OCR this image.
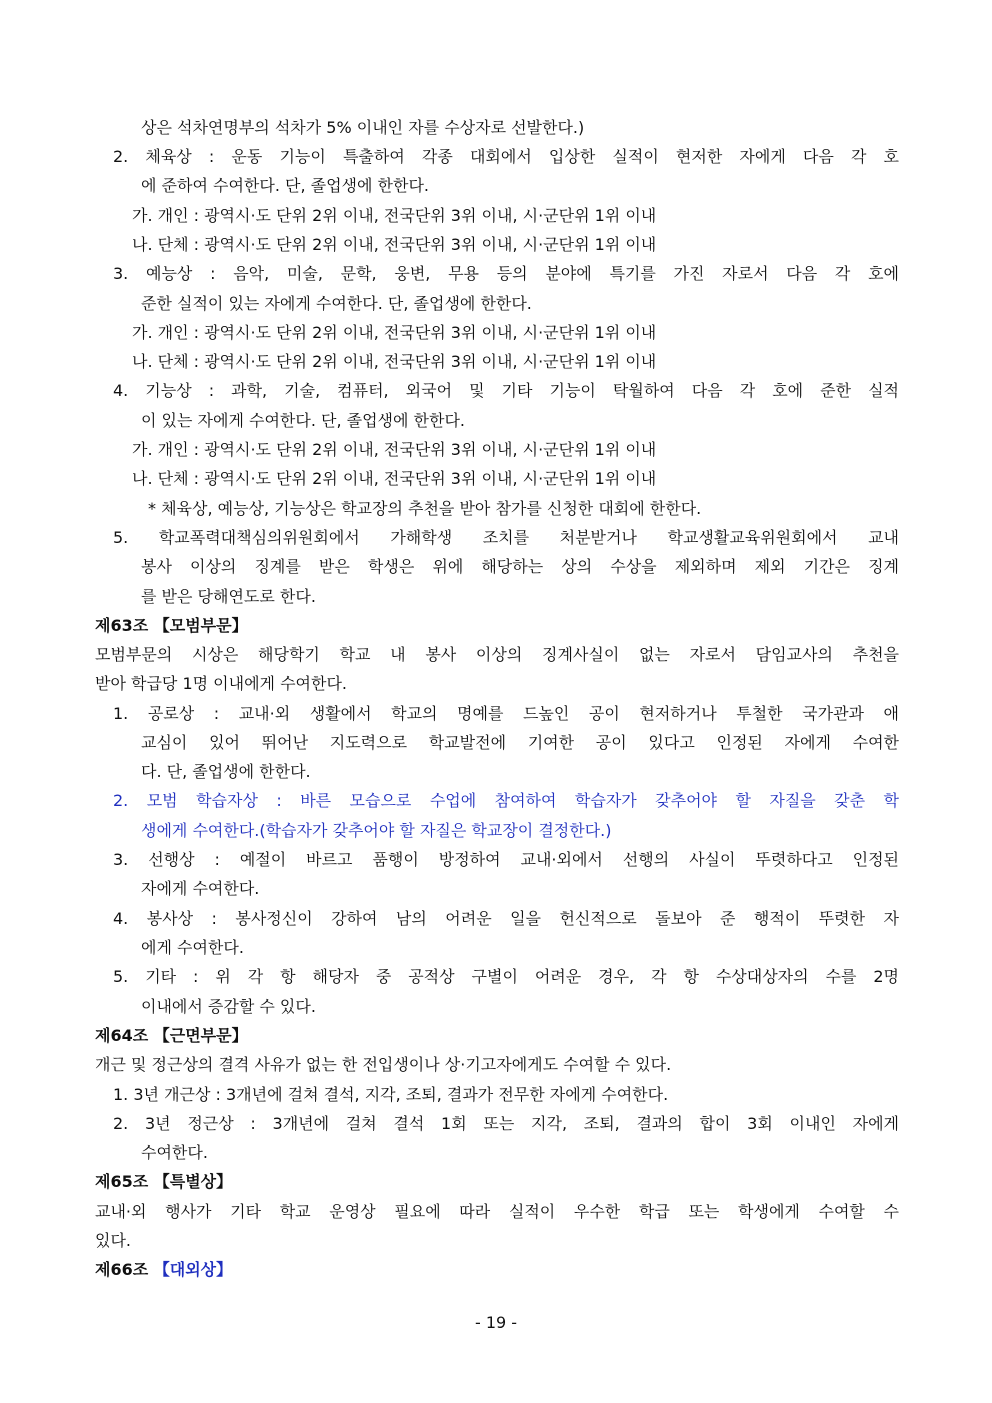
상은 석차연명부의 석차가 5% 이내인 자를 수상자로 선발한다.)
2. 체육상 : 운동 기능이 특출하여 각종 대회에서 입상한 실적이 현저한 자에게 다음 각 호
에 준하여 수여한다. 단, 졸업생에 한한다.
가. 개인 : 광역시·도 단위 2위 이내, 전국단위 3위 이내, 시·군단위 1위 이내
나. 단체 : 광역시·도 단위 2위 이내, 전국단위 3위 이내, 시·군단위 1위 이내
3. 예능상 : 음악, 미술, 문학, 웅변, 무용 등의 분야에 특기를 가진 자로서 다음 각 호에
준한 실적이 있는 자에게 수여한다. 단, 졸업생에 한한다.
가. 개인 : 광역시·도 단위 2위 이내, 전국단위 3위 이내, 시·군단위 1위 이내
나. 단체 : 광역시·도 단위 2위 이내, 전국단위 3위 이내, 시·군단위 1위 이내
4. 기능상 : 과학, 기술, 컴퓨터, 외국어 및 기타 기능이 탁월하여 다음 각 호에 준한 실적
이 있는 자에게 수여한다. 단, 졸업생에 한한다.
가. 개인 : 광역시·도 단위 2위 이내, 전국단위 3위 이내, 시·군단위 1위 이내
나. 단체 : 광역시·도 단위 2위 이내, 전국단위 3위 이내, 시·군단위 1위 이내
* 체육상, 예능상, 기능상은 학교장의 추천을 받아 참가를 신청한 대회에 한한다.
5. 학교폭력대책심의위원회에서 가해학생 조치를 처분받거나 학교생활교육위원회에서 교내
봉사 이상의 징계를 받은 학생은 위에 해당하는 상의 수상을 제외하며 제외 기간은 징계
를 받은 당해연도로 한다.
모범부문의 시상은 해당학기 학교 내 봉사 이상의 징계사실이 없는 자로서 담임교사의 추천을
받아 학급당 1명 이내에게 수여한다.
1. 공로상 : 교내·외 생활에서 학교의 명예를 드높인 공이 현저하거나 투철한 국가관과 애
교심이 있어 뛰어난 지도력으로 학교발전에 기여한 공이 있다고 인정된 자에게 수여한
다. 단, 졸업생에 한한다.
2. 모범 학습자상 : 바른 모습으로 수업에 참여하여 학습자가 갖추어야 할 자질을 갖춘 학
생에게 수여한다.(학습자가 갖추어야 할 자질은 학교장이 결정한다.)
3. 선행상 : 예절이 바르고 품행이 방정하여 교내·외에서 선행의 사실이 뚜렷하다고 인정된
자에게 수여한다.
4. 봉사상 : 봉사정신이 강하여 남의 어려운 일을 헌신적으로 돌보아 준 행적이 뚜렷한 자
에게 수여한다.
5. 기타 : 위 각 항 해당자 중 공적상 구별이 어려운 경우, 각 항 수상대상자의 수를 2명
이내에서 증감할 수 있다.
개근 및 정근상의 결격 사유가 없는 한 전입생이나 상·기고자에게도 수여할 수 있다.
1. 3년 개근상 : 3개년에 걸쳐 결석, 지각, 조퇴, 결과가 전무한 자에게 수여한다.
2. 3년 정근상 : 3개년에 걸쳐 결석 1회 또는 지각, 조퇴, 결과의 합이 3회 이내인 자에게
수여한다.
교내·외 행사가 기타 학교 운영상 필요에 따라 실적이 우수한 학급 또는 학생에게 수여할 수
있다.
제63조 【모범부문】
제64조 【근면부문】
제65조 【특별상】
제66조 【대외상】
- 19 -
